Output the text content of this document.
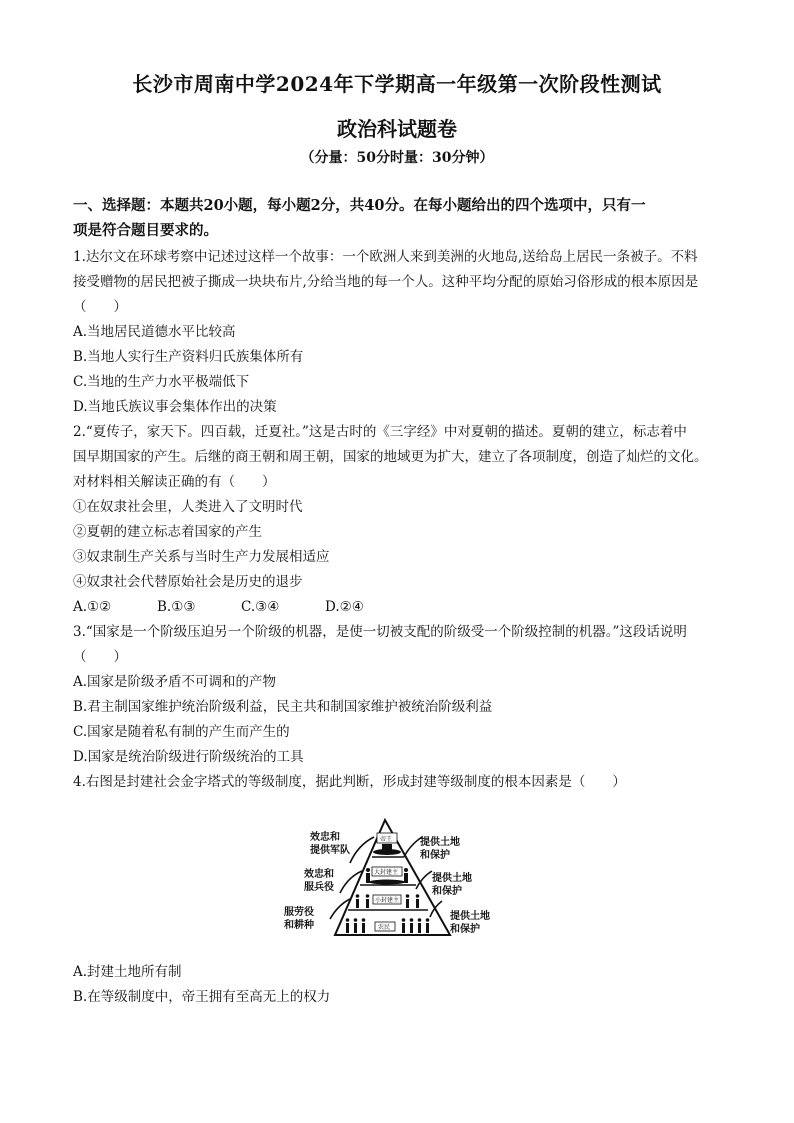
长沙市周南中学2024年下学期高一年级第一次阶段性测试
政治科试题卷
（分量：50分时量：30分钟）
一、选择题：本题共20小题，每小题2分，共40分。在每小题给出的四个选项中，只有一
项是符合题目要求的。
1.达尔文在环球考察中记述过这样一个故事：一个欧洲人来到美洲的火地岛,送给岛上居民一条被子。不料
接受赠物的居民把被子撕成一块块布片,分给当地的每一个人。这种平均分配的原始习俗形成的根本原因是
（　　）
A.当地居民道德水平比较高
B.当地人实行生产资料归氏族集体所有
C.当地的生产力水平极端低下
D.当地氏族议事会集体作出的决策
2.“夏传子，家天下。四百载，迁夏社。”这是古时的《三字经》中对夏朝的描述。夏朝的建立，标志着中
国早期国家的产生。后继的商王朝和周王朝，国家的地域更为扩大，建立了各项制度，创造了灿烂的文化。
对材料相关解读正确的有（　　）
①在奴隶社会里，人类进入了文明时代
②夏朝的建立标志着国家的产生
③奴隶制生产关系与当时生产力发展相适应
④奴隶社会代替原始社会是历史的退步
A.①②	B.①③	C.③④	D.②④
3.“国家是一个阶级压迫另一个阶级的机器，是使一切被支配的阶级受一个阶级控制的机器。”这段话说明
（　　）
A.国家是阶级矛盾不可调和的产物
B.君主制国家维护统治阶级利益，民主共和制国家维护被统治阶级利益
C.国家是随着私有制的产生而产生的
D.国家是统治阶级进行阶级统治的工具
4.右图是封建社会金字塔式的等级制度，据此判断，形成封建等级制度的根本因素是（　　）
帝王
大封建主
小封建主
农民
效忠和
提供军队
效忠和
服兵役
服劳役
和耕种
提供土地
和保护
提供土地
和保护
提供土地
和保护
A.封建土地所有制
B.在等级制度中，帝王拥有至高无上的权力
